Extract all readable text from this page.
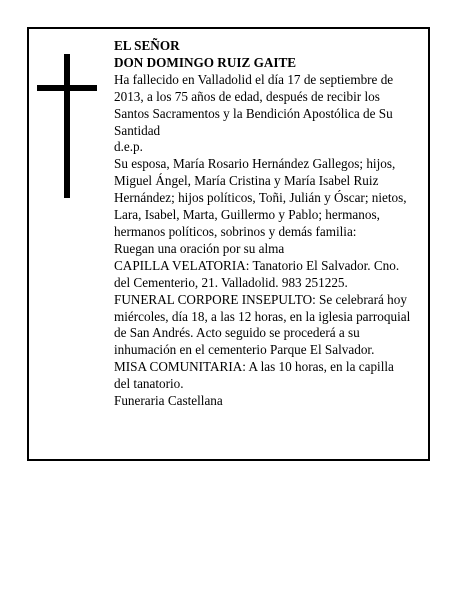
EL SEÑOR
DON DOMINGO RUIZ GAITE
Ha fallecido en Valladolid el día 17 de septiembre de
2013, a los 75 años de edad, después de recibir los
Santos Sacramentos y la Bendición Apostólica de Su
Santidad
d.e.p.
Su esposa, María Rosario Hernández Gallegos; hijos,
Miguel Ángel, María Cristina y María Isabel Ruiz
Hernández; hijos políticos, Toñi, Julián y Óscar; nietos,
Lara, Isabel, Marta, Guillermo y Pablo; hermanos,
hermanos políticos, sobrinos y demás familia:
Ruegan una oración por su alma
CAPILLA VELATORIA: Tanatorio El Salvador. Cno.
del Cementerio, 21. Valladolid. 983 251225.
FUNERAL CORPORE INSEPULTO: Se celebrará hoy
miércoles, día 18, a las 12 horas, en la iglesia parroquial
de San Andrés. Acto seguido se procederá a su
inhumación en el cementerio Parque El Salvador.
MISA COMUNITARIA: A las 10 horas, en la capilla
del tanatorio.
Funeraria Castellana
